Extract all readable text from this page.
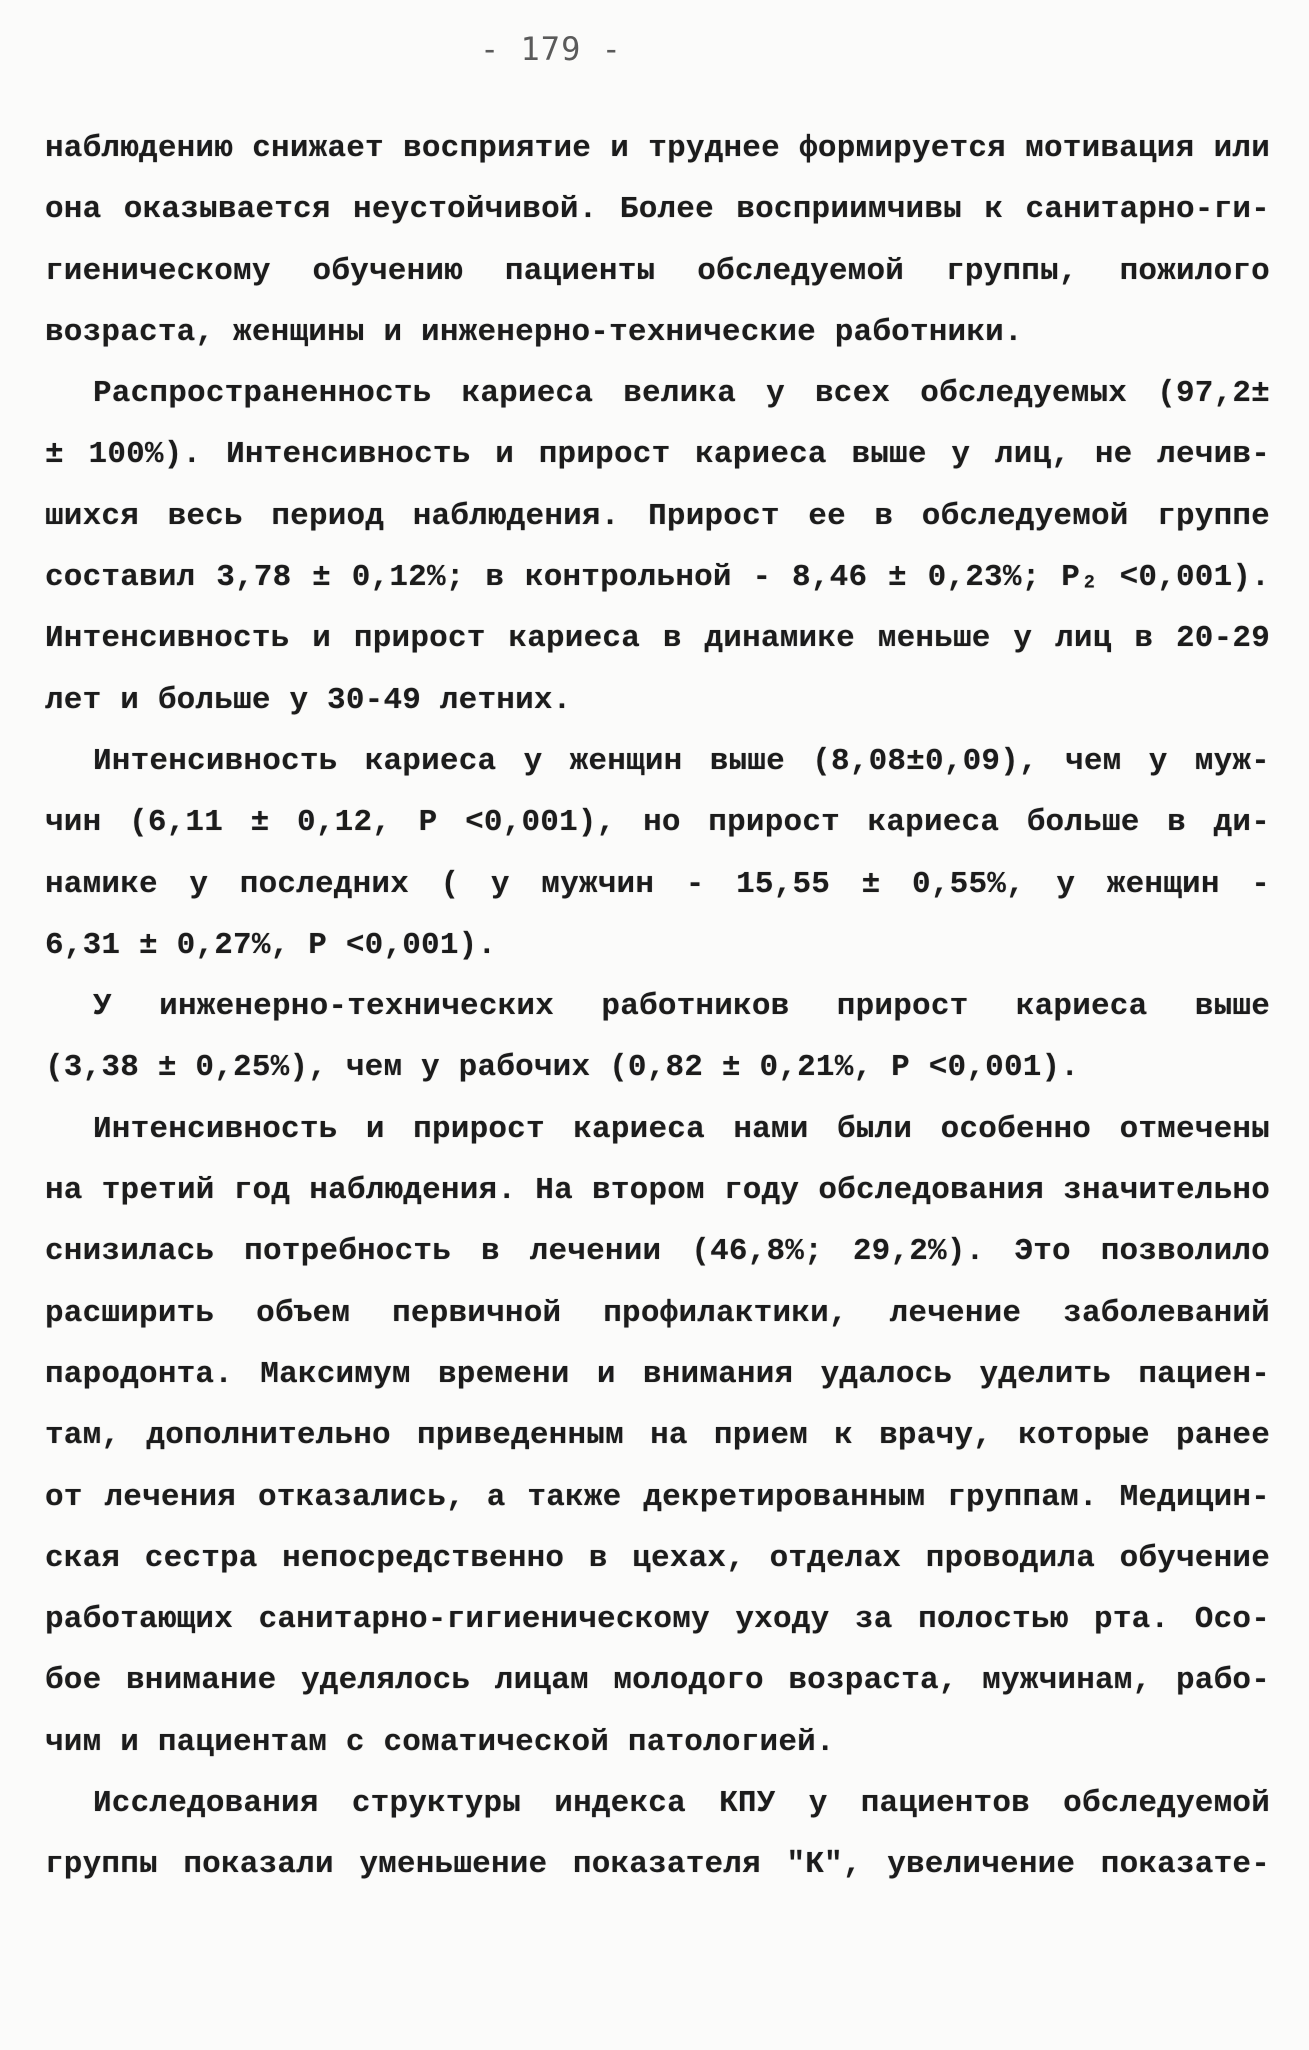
- 179 -
наблюдению снижает восприятие и труднее формируется мотивация или
она оказывается неустойчивой. Более восприимчивы к санитарно-ги-
гиеническому обучению пациенты обследуемой группы, пожилого
возраста, женщины и инженерно-технические работники.
Распространенность кариеса велика у всех обследуемых (97,2±
± 100%). Интенсивность и прирост кариеса выше у лиц, не лечив-
шихся весь период наблюдения. Прирост ее в обследуемой группе
составил 3,78 ± 0,12%; в контрольной - 8,46 ± 0,23%; P₂ <0,001).
Интенсивность и прирост кариеса в динамике меньше у лиц в 20-29
лет и больше у 30-49 летних.
Интенсивность кариеса у женщин выше (8,08±0,09), чем у муж-
чин (6,11 ± 0,12, P <0,001), но прирост кариеса больше в ди-
намике у последних ( у мужчин - 15,55 ± 0,55%, у женщин -
6,31 ± 0,27%, P <0,001).
У инженерно-технических работников прирост кариеса выше
(3,38 ± 0,25%), чем у рабочих (0,82 ± 0,21%, P <0,001).
Интенсивность и прирост кариеса нами были особенно отмечены
на третий год наблюдения. На втором году обследования значительно
снизилась потребность в лечении (46,8%; 29,2%). Это позволило
расширить объем первичной профилактики, лечение заболеваний
пародонта. Максимум времени и внимания удалось уделить пациен-
там, дополнительно приведенным на прием к врачу, которые ранее
от лечения отказались, а также декретированным группам. Медицин-
ская сестра непосредственно в цехах, отделах проводила обучение
работающих санитарно-гигиеническому уходу за полостью рта. Осо-
бое внимание уделялось лицам молодого возраста, мужчинам, рабо-
чим и пациентам с соматической патологией.
Исследования структуры индекса КПУ у пациентов обследуемой
группы показали уменьшение показателя "К", увеличение показате-
